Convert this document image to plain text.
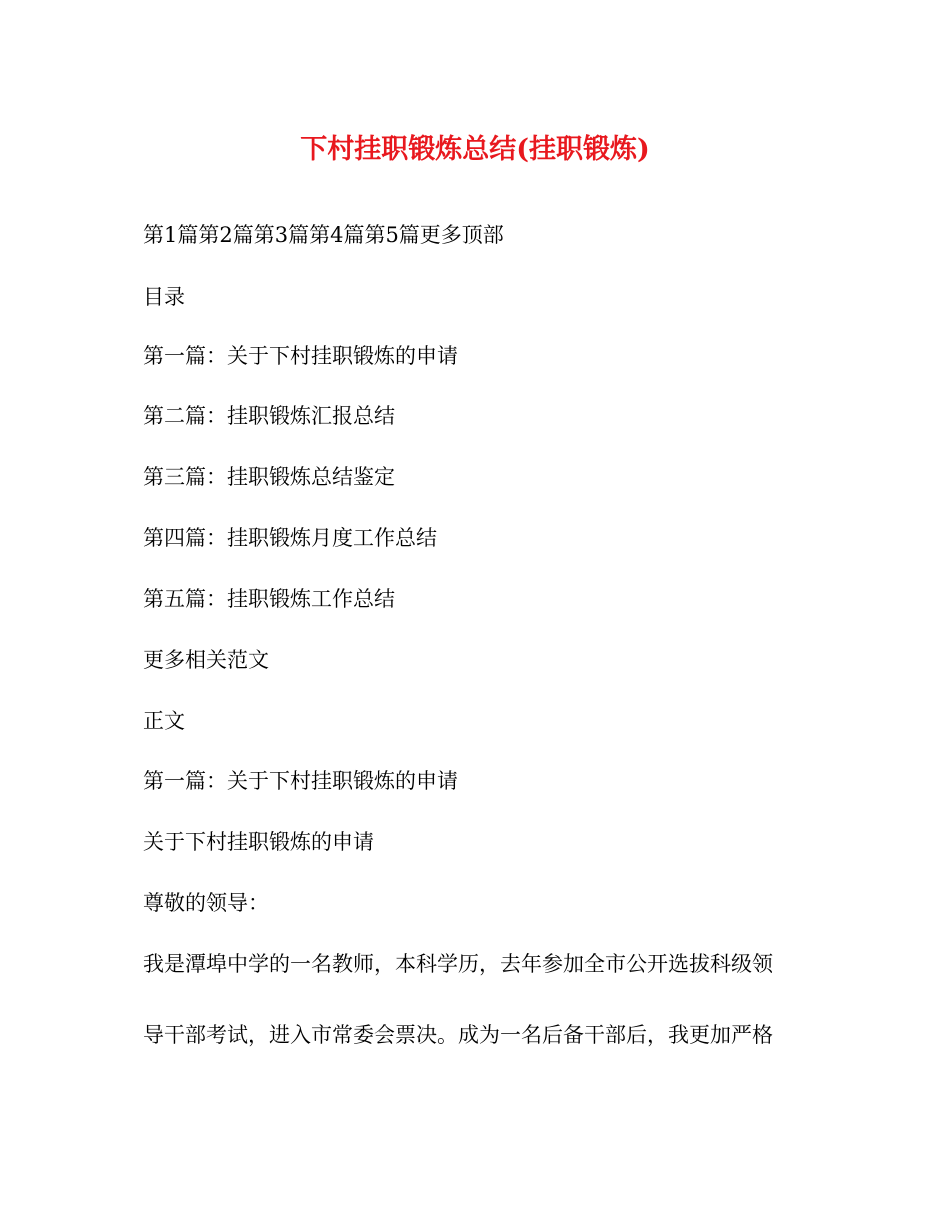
下村挂职锻炼总结(挂职锻炼)
第1篇第2篇第3篇第4篇第5篇更多顶部
目录
第一篇：关于下村挂职锻炼的申请
第二篇：挂职锻炼汇报总结
第三篇：挂职锻炼总结鉴定
第四篇：挂职锻炼月度工作总结
第五篇：挂职锻炼工作总结
更多相关范文
正文
第一篇：关于下村挂职锻炼的申请
关于下村挂职锻炼的申请
尊敬的领导：
我是潭埠中学的一名教师，本科学历，去年参加全市公开选拔科级领
导干部考试，进入市常委会票决。成为一名后备干部后，我更加严格
